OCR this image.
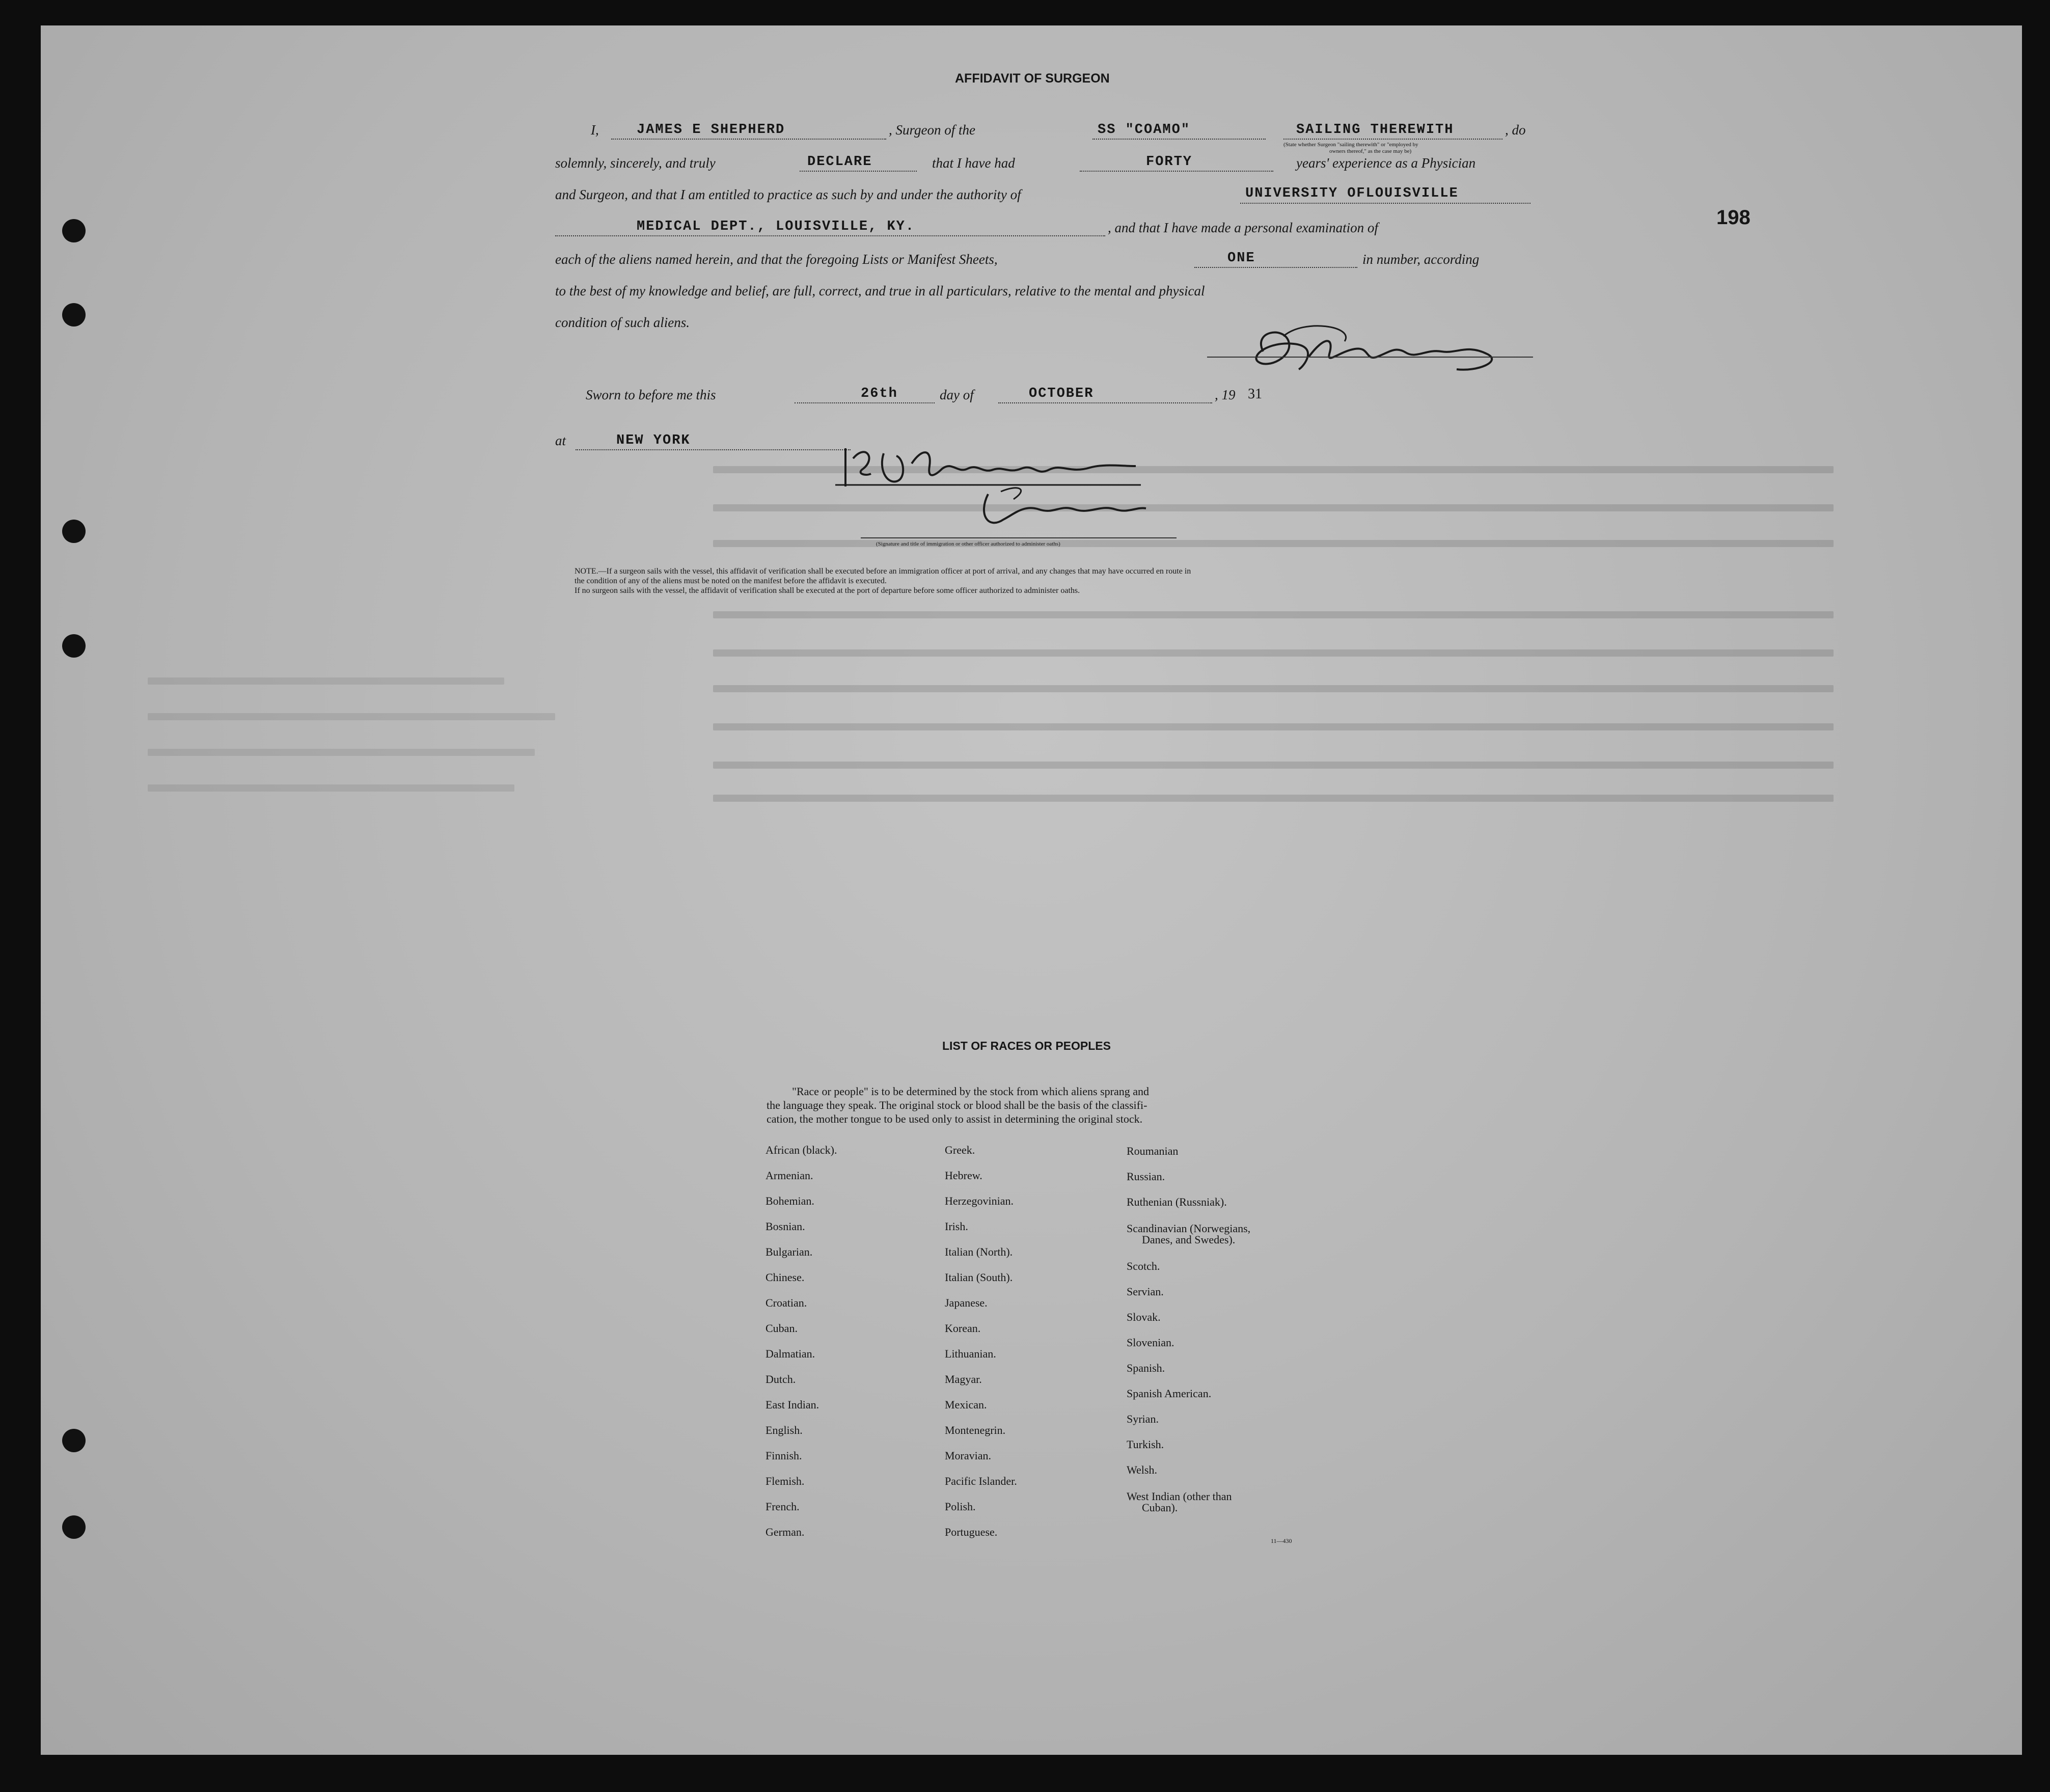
AFFIDAVIT OF SURGEON
I,	JAMES E SHEPHERD	, Surgeon of the	SS "COAMO"	SAILING THEREWITH	, do
(State whether Surgeon "sailing therewith" or "employed by
owners thereof," as the case may be)
solemnly, sincerely, and truly	DECLARE	that I have had	FORTY	years' experience as a Physician
and Surgeon, and that I am entitled to practice as such by and under the authority of	UNIVERSITY OFLOUISVILLE
MEDICAL DEPT., LOUISVILLE, KY.	, and that I have made a personal examination of
each of the aliens named herein, and that the foregoing Lists or Manifest Sheets,	ONE	in number, according
to the best of my knowledge and belief, are full, correct, and true in all particulars, relative to the mental and physical
condition of such aliens.
Sworn to before me this	26th	day of	OCTOBER	, 19 31
at	NEW YORK
(Signature and title of immigration or other officer authorized to administer oaths)
NOTE.—If a surgeon sails with the vessel, this affidavit of verification shall be executed before an immigration officer at port of arrival, and any changes that may have occurred en route in
the condition of any of the aliens must be noted on the manifest before the affidavit is executed.
If no surgeon sails with the vessel, the affidavit of verification shall be executed at the port of departure before some officer authorized to administer oaths.
198
LIST OF RACES OR PEOPLES
"Race or people" is to be determined by the stock from which aliens sprang and
the language they speak. The original stock or blood shall be the basis of the classifi-
cation, the mother tongue to be used only to assist in determining the original stock.
African (black).
Armenian.
Bohemian.
Bosnian.
Bulgarian.
Chinese.
Croatian.
Cuban.
Dalmatian.
Dutch.
East Indian.
English.
Finnish.
Flemish.
French.
German.
Greek.
Hebrew.
Herzegovinian.
Irish.
Italian (North).
Italian (South).
Japanese.
Korean.
Lithuanian.
Magyar.
Mexican.
Montenegrin.
Moravian.
Pacific Islander.
Polish.
Portuguese.
Roumanian
Russian.
Ruthenian (Russniak).
Scandinavian (Norwegians,
Danes, and Swedes).
Scotch.
Servian.
Slovak.
Slovenian.
Spanish.
Spanish American.
Syrian.
Turkish.
Welsh.
West Indian (other than
Cuban).
11—430
